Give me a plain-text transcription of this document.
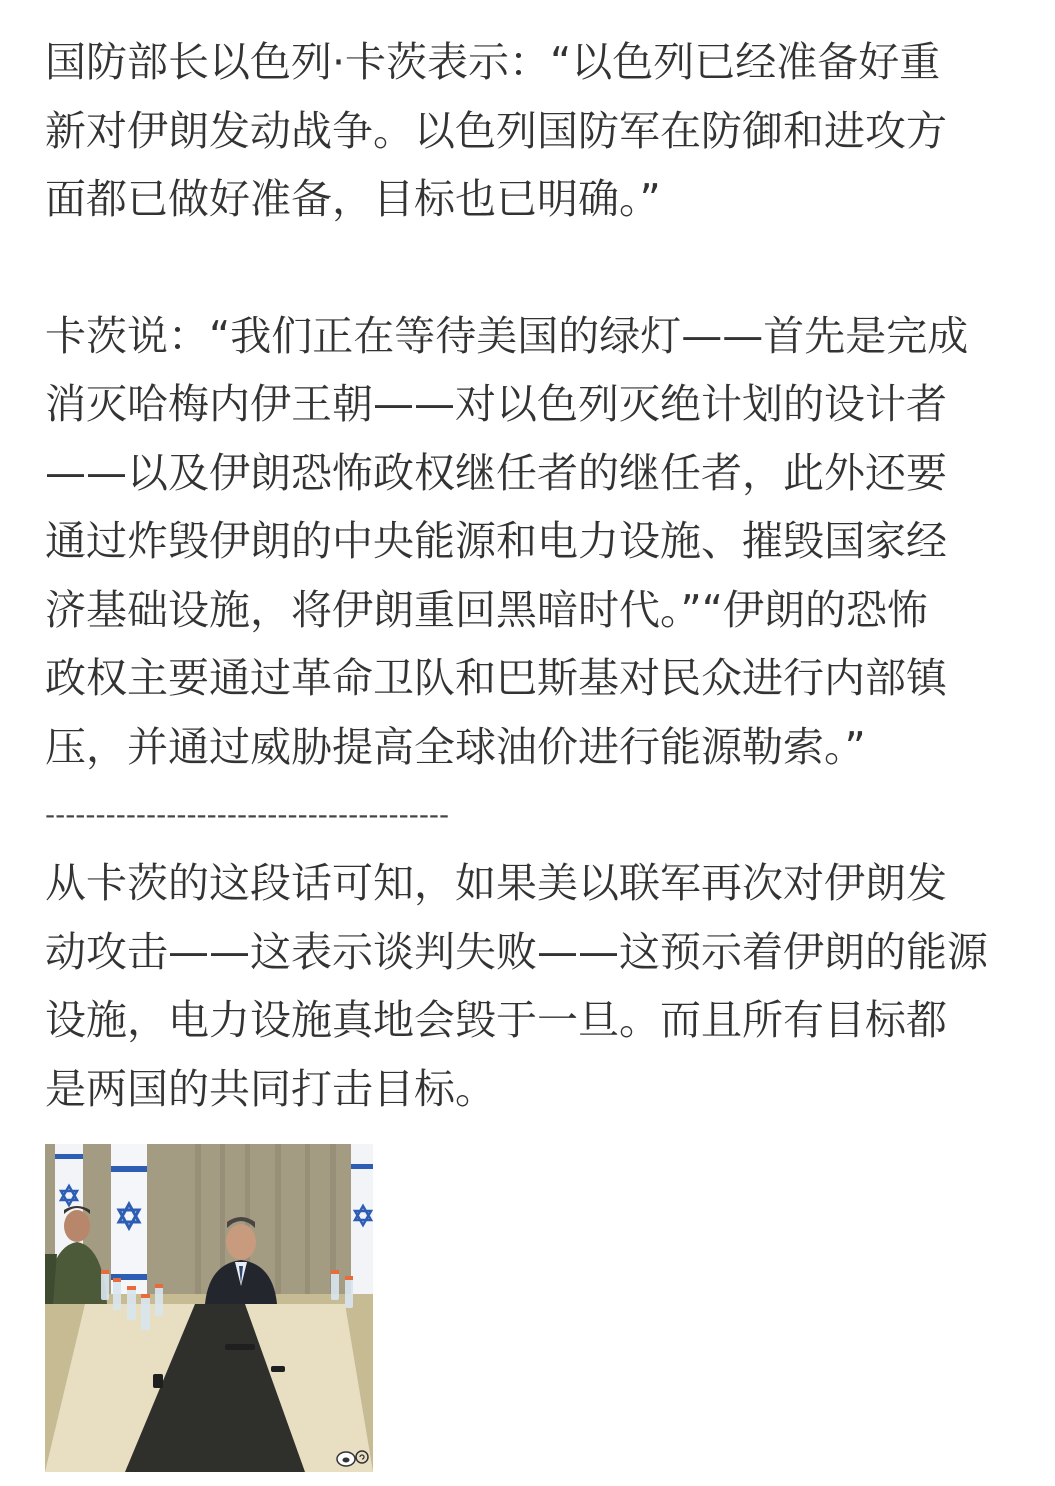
国防部长以色列·卡茨表示：“以色列已经准备好重
新对伊朗发动战争。以色列国防军在防御和进攻方
面都已做好准备，目标也已明确。”

卡茨说：“我们正在等待美国的绿灯——首先是完成
消灭哈梅内伊王朝——对以色列灭绝计划的设计者
——以及伊朗恐怖政权继任者的继任者，此外还要
通过炸毁伊朗的中央能源和电力设施、摧毁国家经
济基础设施，将伊朗重回黑暗时代。”“伊朗的恐怖
政权主要通过革命卫队和巴斯基对民众进行内部镇
压，并通过威胁提高全球油价进行能源勒索。”

----------------------------------------

从卡茨的这段话可知，如果美以联军再次对伊朗发
动攻击——这表示谈判失败——这预示着伊朗的能源
设施，电力设施真地会毁于一旦。而且所有目标都
是两国的共同打击目标。
